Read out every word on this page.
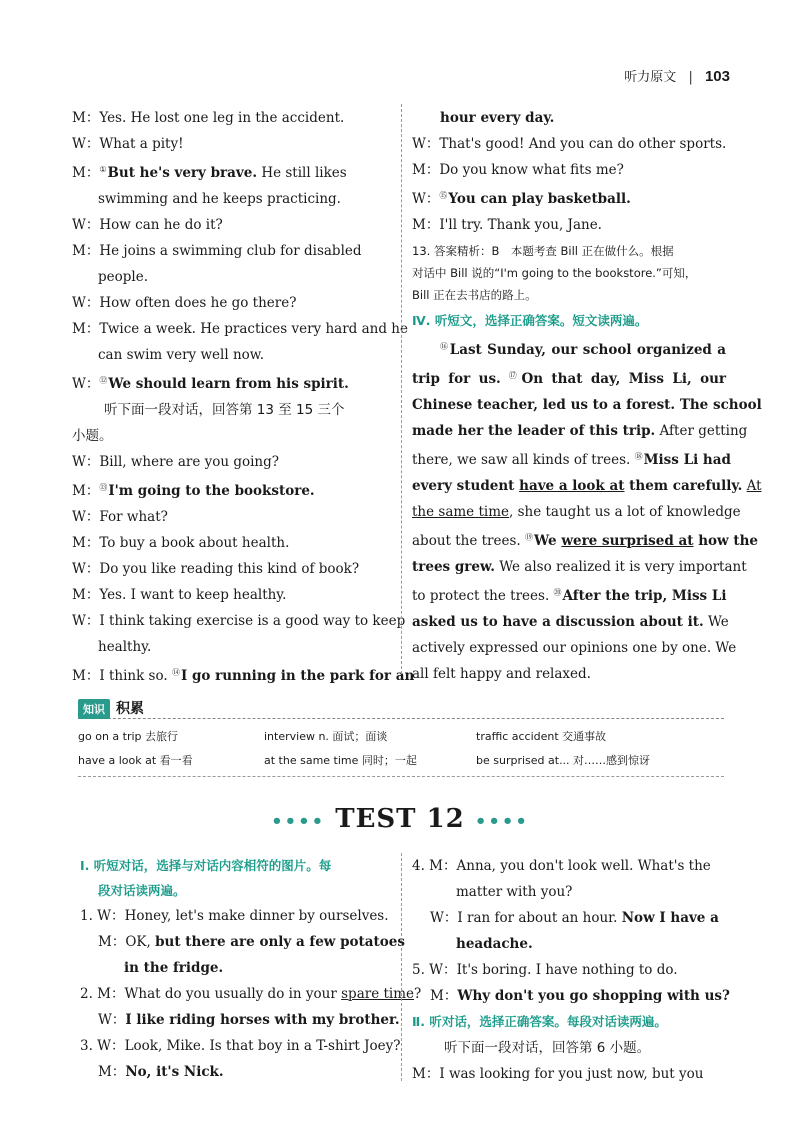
听力原文 | 103
M：Yes. He lost one leg in the accident.
W：What a pity!
M：①But he's very brave. He still likes
swimming and he keeps practicing.
W：How can he do it?
M：He joins a swimming club for disabled
people.
W：How often does he go there?
M：Twice a week. He practices very hard and he
can swim very well now.
W：⑫We should learn from his spirit.
听下面一段对话，回答第 13 至 15 三个
小题。
W：Bill, where are you going?
M：⑬I'm going to the bookstore.
W：For what?
M：To buy a book about health.
W：Do you like reading this kind of book?
M：Yes. I want to keep healthy.
W：I think taking exercise is a good way to keep
healthy.
M：I think so. ⑭I go running in the park for an
hour every day.
W：That's good! And you can do other sports.
M：Do you know what fits me?
W：⑮You can play basketball.
M：I'll try. Thank you, Jane.
13. 答案精析：B　本题考查 Bill 正在做什么。根据
对话中 Bill 说的“I'm going to the bookstore.”可知，
Bill 正在去书店的路上。
Ⅳ. 听短文，选择正确答案。短文读两遍。
⑯Last Sunday, our school organized a
trip for us. ⑰On that day, Miss Li, our
Chinese teacher, led us to a forest. The school
made her the leader of this trip. After getting
there, we saw all kinds of trees. ⑱Miss Li had
every student have a look at them carefully. At
the same time, she taught us a lot of knowledge
about the trees. ⑲We were surprised at how the
trees grew. We also realized it is very important
to protect the trees. ⑳After the trip, Miss Li
asked us to have a discussion about it. We
actively expressed our opinions one by one. We
all felt happy and relaxed.
知识 积累
go on a trip 去旅行	interview n. 面试；面谈	traffic accident 交通事故
have a look at 看一看	at the same time 同时；一起	be surprised at... 对……感到惊讶
•••• TEST 12 ••••
Ⅰ. 听短对话，选择与对话内容相符的图片。每
段对话读两遍。
1. W：Honey, let's make dinner by ourselves.
M：OK, but there are only a few potatoes
in the fridge.
2. M：What do you usually do in your spare time?
W：I like riding horses with my brother.
3. W：Look, Mike. Is that boy in a T-shirt Joey?
M：No, it's Nick.
4. M：Anna, you don't look well. What's the
matter with you?
W：I ran for about an hour. Now I have a
headache.
5. W：It's boring. I have nothing to do.
M：Why don't you go shopping with us?
Ⅱ. 听对话，选择正确答案。每段对话读两遍。
听下面一段对话，回答第 6 小题。
M：I was looking for you just now, but you
